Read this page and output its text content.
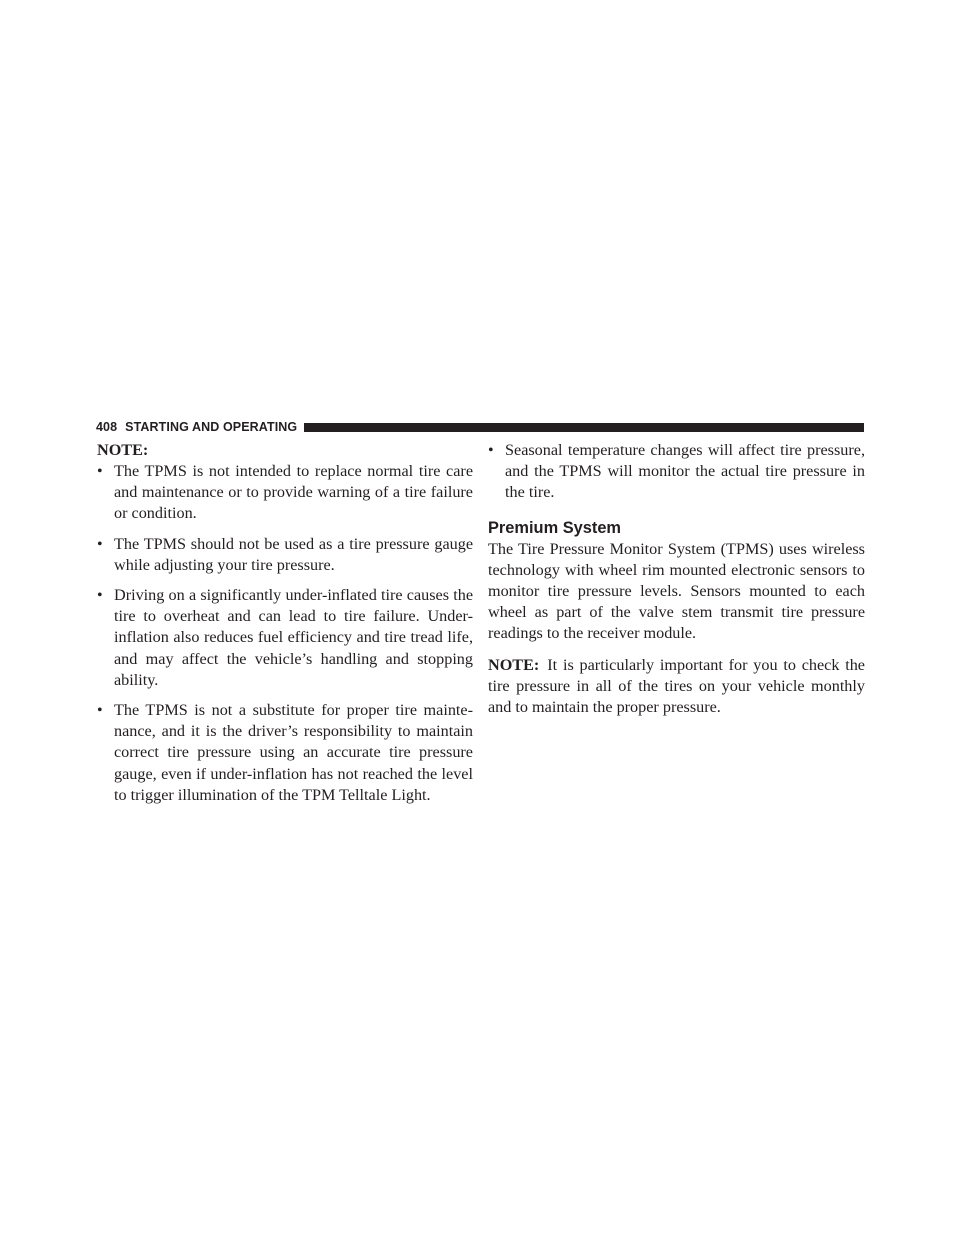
408 STARTING AND OPERATING
NOTE:
• The TPMS is not intended to replace normal tire care and maintenance or to provide warning of a tire failure or condition.
• The TPMS should not be used as a tire pressure gauge while adjusting your tire pressure.
• Driving on a significantly under-inflated tire causes the tire to overheat and can lead to tire failure. Under-inflation also reduces fuel efficiency and tire tread life, and may affect the vehicle’s handling and stopping ability.
• The TPMS is not a substitute for proper tire mainte-nance, and it is the driver’s responsibility to maintain correct tire pressure using an accurate tire pressure gauge, even if under-inflation has not reached the level to trigger illumination of the TPM Telltale Light.
• Seasonal temperature changes will affect tire pressure, and the TPMS will monitor the actual tire pressure in the tire.
Premium System

The Tire Pressure Monitor System (TPMS) uses wireless technology with wheel rim mounted electronic sensors to monitor tire pressure levels. Sensors mounted to each wheel as part of the valve stem transmit tire pressure readings to the receiver module.

NOTE: It is particularly important for you to check the tire pressure in all of the tires on your vehicle monthly and to maintain the proper pressure.
